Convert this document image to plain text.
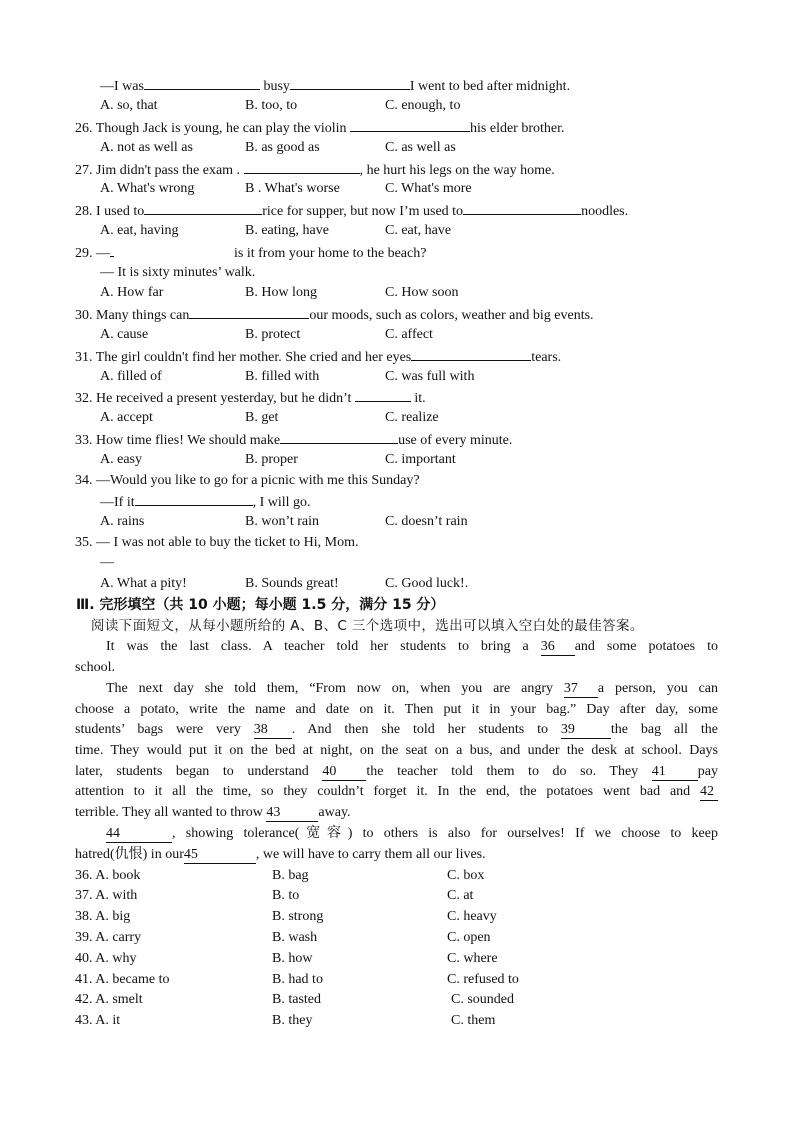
—I was	busy	I went to bed after midnight.
A. so, that	B. too, to	C. enough, to
26. Though Jack is young, he can play the violin	his elder brother.
A. not as well as	B. as good as	C. as well as
27. Jim didn't pass the exam .	, he hurt his legs on the way home.
A. What's wrong	B . What's worse	C. What's more
28. I used to	rice for supper, but now I’m used to	noodles.
A. eat, having	B. eating, have	C. eat, have
29. —	is it from your home to the beach?
— It is sixty minutes’ walk.
A. How far	B. How long	C. How soon
30. Many things can	our moods, such as colors, weather and big events.
A. cause	B. protect	C. affect
31. The girl couldn't find her mother. She cried and her eyes	tears.
A. filled of	B. filled with	C. was full with
32. He received a present yesterday, but he didn’t	it.
A. accept	B. get	C. realize
33. How time flies! We should make	use of every minute.
A. easy	B. proper	C. important
34. —Would you like to go for a picnic with me this Sunday?
—If it	, I will go.
A. rains	B. won’t rain	C. doesn’t rain
35. — I was not able to buy the ticket to Hi, Mom.
—
A. What a pity!	B. Sounds great!	C. Good luck!.
Ⅲ. 完形填空（共 10 小题；每小题 1.5 分，满分 15 分）
阅读下面短文，从每小题所给的 A、B、C 三个选项中，选出可以填入空白处的最佳答案。
It was the last class. A teacher told her students to bring a 36 and some potatoes to
school.
The next day she told them, “From now on, when you are angry 37 a person, you can
choose a potato, write the name and date on it. Then put it in your bag.” Day after day, some
students’ bags were very 38 . And then she told her students to 39	the bag all the
time. They would put it on the bed at night, on the seat on a bus, and under the desk at school. Days
later, students began to understand 40 the teacher told them to do so. They 41 pay
attention to it all the time, so they couldn’t forget it. In the end, the potatoes went bad and 42
terrible. They all wanted to throw 43	away.
44	, showing tolerance(宽容) to others is also for ourselves! If we choose to keep
hatred(仇恨) in our45	, we will have to carry them all our lives.
36. A. book	B. bag	C. box
37. A. with	B. to	C. at
38. A. big	B. strong	C. heavy
39. A. carry	B. wash	C. open
40. A. why	B. how	C. where
41. A. became to	B. had to	C. refused to
42. A. smelt	B. tasted	C. sounded
43. A. it	B. they	C. them
